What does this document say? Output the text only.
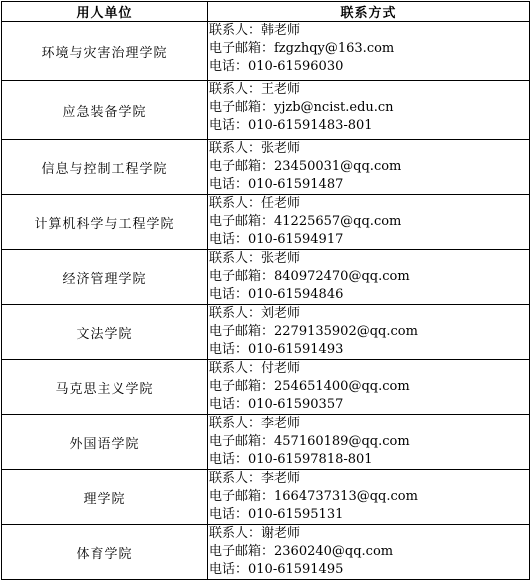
用人单位	联系方式
环境与灾害治理学院	联系人：韩老师
电子邮箱：fzgzhqy@163.com
电话：010-61596030

应急装备学院	联系人：王老师
电子邮箱：yjzb@ncist.edu.cn
电话：010-61591483-801

信息与控制工程学院	联系人：张老师
电子邮箱：23450031@qq.com
电话：010-61591487

计算机科学与工程学院	联系人：任老师
电子邮箱：41225657@qq.com
电话：010-61594917

经济管理学院	联系人：张老师
电子邮箱：840972470@qq.com
电话：010-61594846

文法学院	联系人：刘老师
电子邮箱：2279135902@qq.com
电话：010-61591493

马克思主义学院	联系人：付老师
电子邮箱：254651400@qq.com
电话：010-61590357

外国语学院	联系人：李老师
电子邮箱：457160189@qq.com
电话：010-61597818-801

理学院	联系人：李老师
电子邮箱：1664737313@qq.com
电话：010-61595131

体育学院	联系人：谢老师
电子邮箱：2360240@qq.com
电话：010-61591495
